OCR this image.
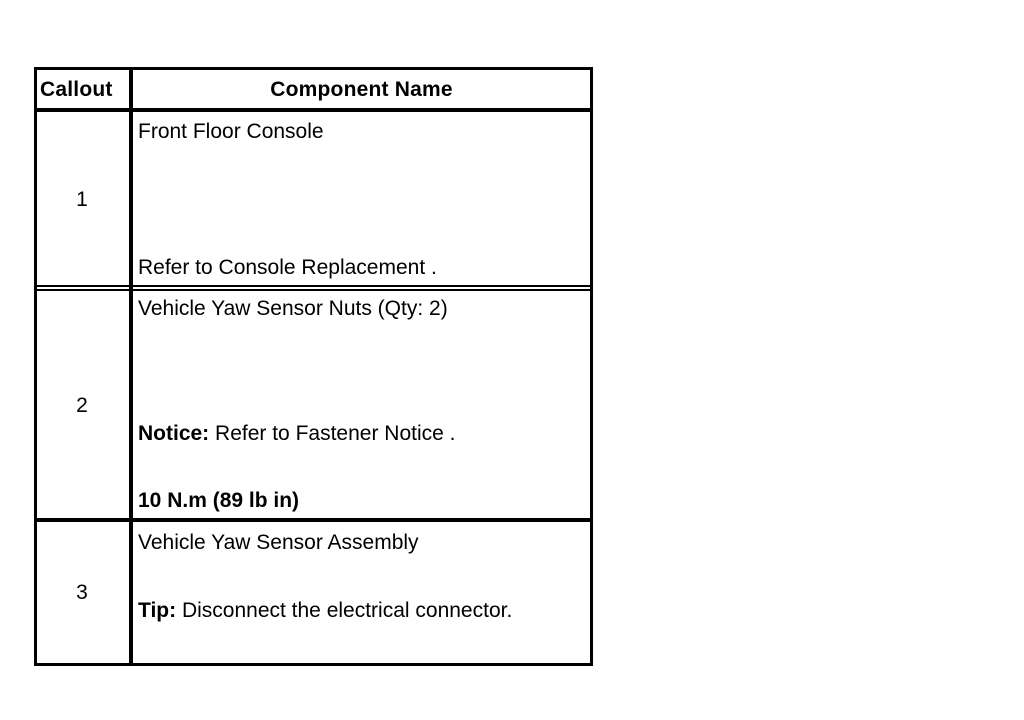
Callout	Component Name
1
Front Floor Console
Refer to Console Replacement .
2
Vehicle Yaw Sensor Nuts (Qty: 2)
Notice: Refer to Fastener Notice .
10 N.m (89 lb in)
3
Vehicle Yaw Sensor Assembly
Tip: Disconnect the electrical connector.
